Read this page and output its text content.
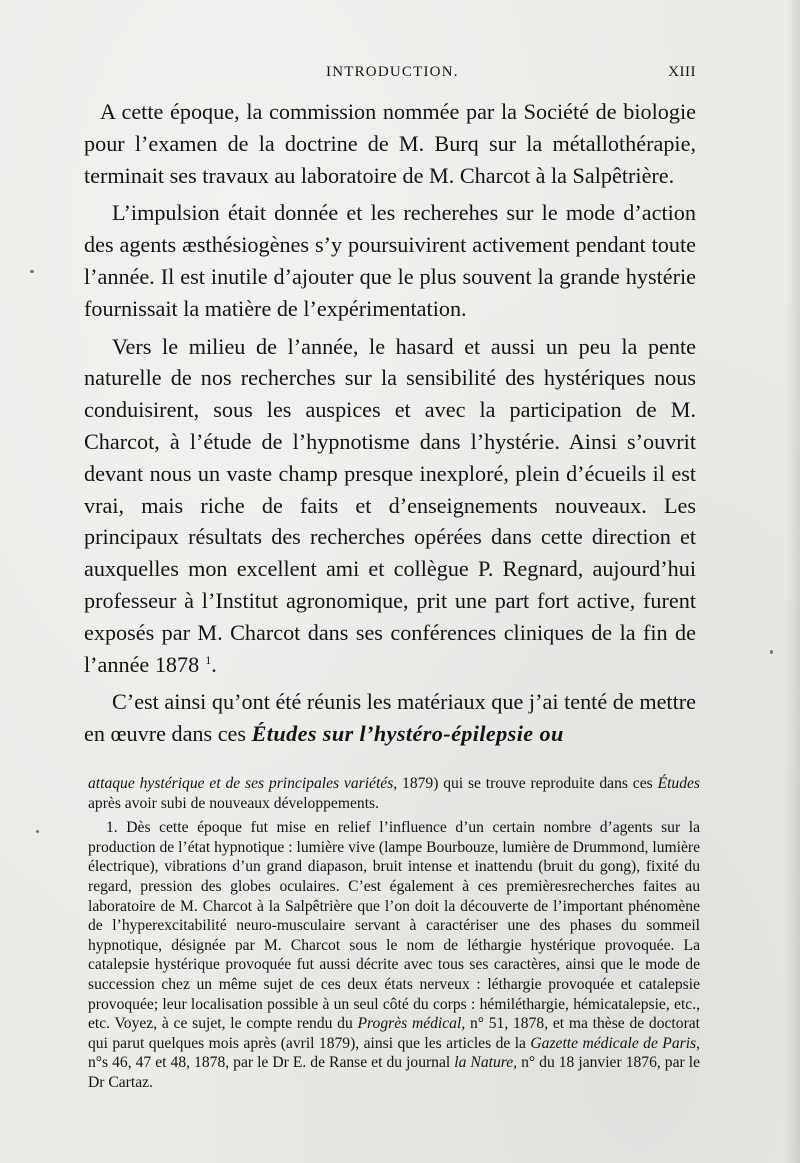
INTRODUCTION.	XIII

A cette époque, la commission nommée par la Société de biologie pour l’examen de la doctrine de M. Burq sur la métallothérapie, terminait ses travaux au laboratoire de M. Charcot à la Salpêtrière.

L’impulsion était donnée et les recherehes sur le mode d’action des agents æsthésiogènes s’y poursuivirent activement pendant toute l’année. Il est inutile d’ajouter que le plus souvent la grande hystérie fournissait la matière de l’expérimentation.

Vers le milieu de l’année, le hasard et aussi un peu la pente naturelle de nos recherches sur la sensibilité des hystériques nous conduisirent, sous les auspices et avec la participation de M. Charcot, à l’étude de l’hypnotisme dans l’hystérie. Ainsi s’ouvrit devant nous un vaste champ presque inexploré, plein d’écueils il est vrai, mais riche de faits et d’enseignements nouveaux. Les principaux résultats des recherches opérées dans cette direction et auxquelles mon excellent ami et collègue P. Regnard, aujourd’hui professeur à l’Institut agronomique, prit une part fort active, furent exposés par M. Charcot dans ses conférences cliniques de la fin de l’année 1878 $^1$.

C’est ainsi qu’ont été réunis les matériaux que j’ai tenté de mettre en œuvre dans ces Études sur l’hystéro-épilepsie ou

attaque hystérique et de ses principales variétés, 1879) qui se trouve reproduite dans ces Études après avoir subi de nouveaux développements.

1. Dès cette époque fut mise en relief l’influence d’un certain nombre d’agents sur la production de l’état hypnotique : lumière vive (lampe Bourbouze, lumière de Drummond, lumière électrique), vibrations d’un grand diapason, bruit intense et inattendu (bruit du gong), fixité du regard, pression des globes oculaires. C’est également à ces premièresrecherches faites au laboratoire de M. Charcot à la Salpêtrière que l’on doit la découverte de l’important phénomène de l’hyperexcitabilité neuro-musculaire servant à caractériser une des phases du sommeil hypnotique, désignée par M. Charcot sous le nom de léthargie hystérique provoquée. La catalepsie hystérique provoquée fut aussi décrite avec tous ses caractères, ainsi que le mode de succession chez un même sujet de ces deux états nerveux : léthargie provoquée et catalepsie provoquée; leur localisation possible à un seul côté du corps : hémiléthargie, hémicatalepsie, etc., etc. Voyez, à ce sujet, le compte rendu du Progrès médical, n° 51, 1878, et ma thèse de doctorat qui parut quelques mois après (avril 1879), ainsi que les articles de la Gazette médicale de Paris, n°s 46, 47 et 48, 1878, par le Dr E. de Ranse et du journal la Nature, n° du 18 janvier 1876, par le Dr Cartaz.
